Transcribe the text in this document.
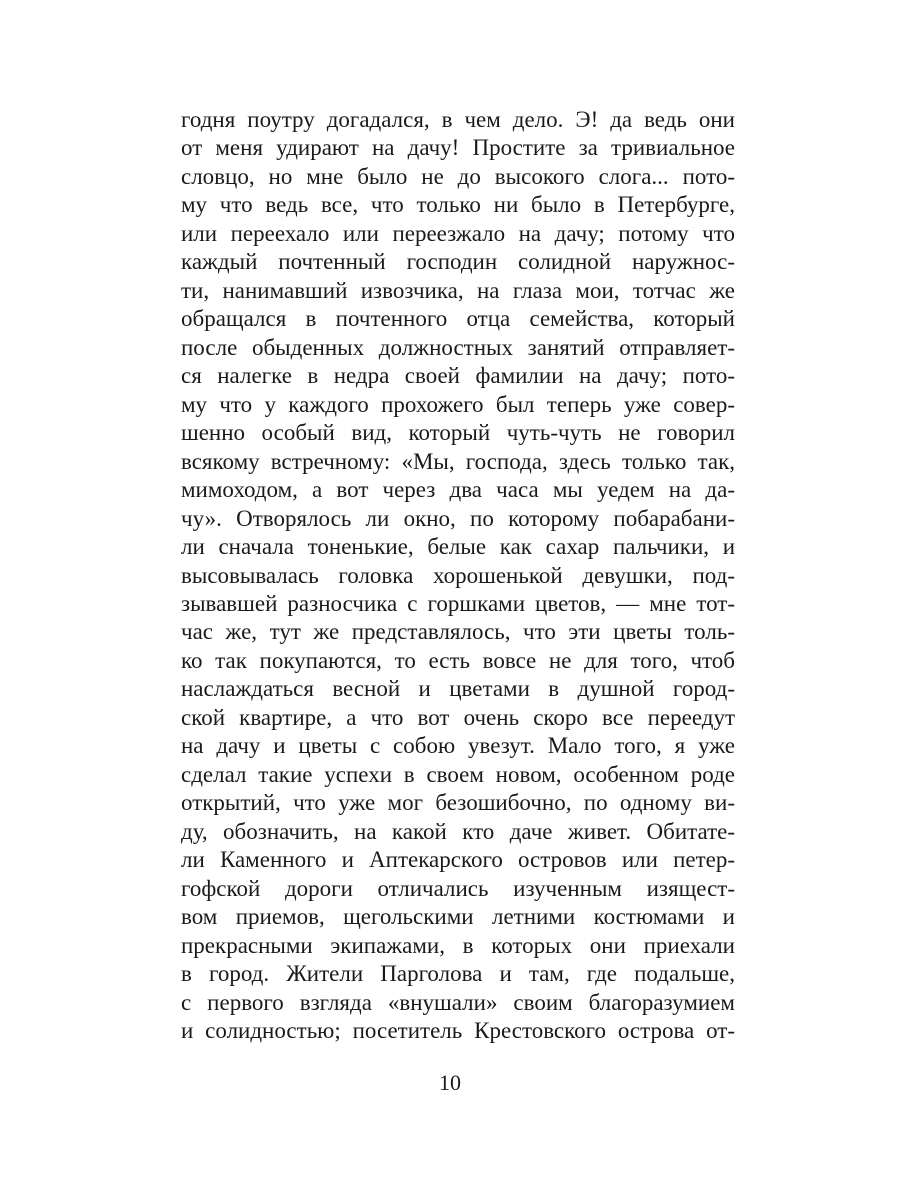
годня поутру догадался, в чем дело. Э! да ведь они
от меня удирают на дачу! Простите за тривиальное
словцо, но мне было не до высокого слога... пото-
му что ведь все, что только ни было в Петербурге,
или переехало или переезжало на дачу; потому что
каждый почтенный господин солидной наружнос-
ти, нанимавший извозчика, на глаза мои, тотчас же
обращался в почтенного отца семейства, который
после обыденных должностных занятий отправляет-
ся налегке в недра своей фамилии на дачу; пото-
му что у каждого прохожего был теперь уже совер-
шенно особый вид, который чуть-чуть не говорил
всякому встречному: «Мы, господа, здесь только так,
мимоходом, а вот через два часа мы уедем на да-
чу». Отворялось ли окно, по которому побарабани-
ли сначала тоненькие, белые как сахар пальчики, и
высовывалась головка хорошенькой девушки, под-
зывавшей разносчика с горшками цветов, — мне тот-
час же, тут же представлялось, что эти цветы толь-
ко так покупаются, то есть вовсе не для того, чтоб
наслаждаться весной и цветами в душной город-
ской квартире, а что вот очень скоро все переедут
на дачу и цветы с собою увезут. Мало того, я уже
сделал такие успехи в своем новом, особенном роде
открытий, что уже мог безошибочно, по одному ви-
ду, обозначить, на какой кто даче живет. Обитате-
ли Каменного и Аптекарского островов или петер-
гофской дороги отличались изученным изящест-
вом приемов, щегольскими летними костюмами и
прекрасными экипажами, в которых они приехали
в город. Жители Парголова и там, где подальше,
с первого взгляда «внушали» своим благоразумием
и солидностью; посетитель Крестовского острова от-
10
